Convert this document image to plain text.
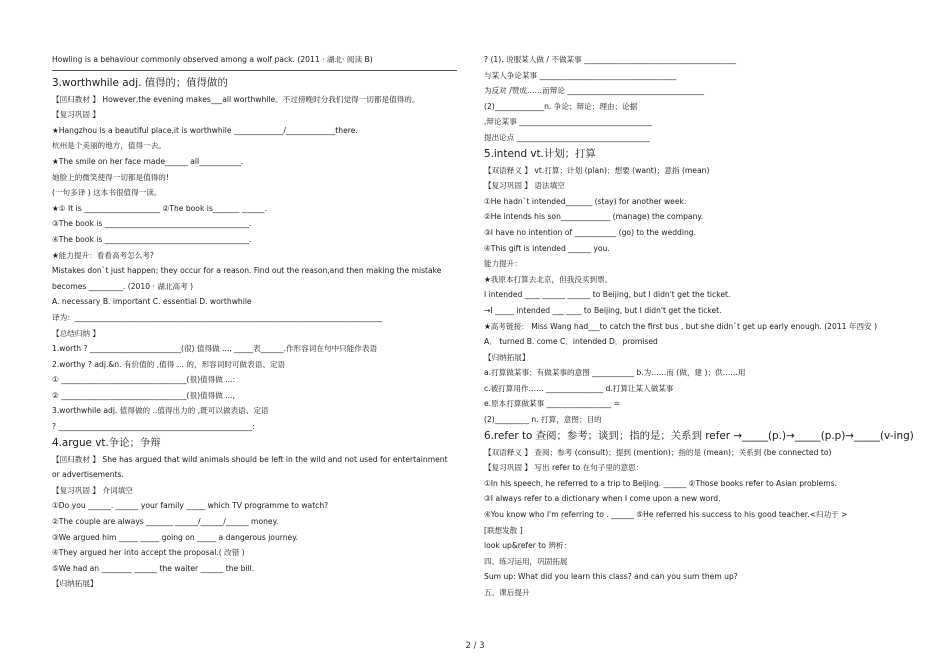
Howling is a behaviour commonly observed among a wolf pack. (2011 · 湖北· 阅读 B)
3.worthwhile adj. 值得的；值得做的
【回归教材 】 However,the evening makes___all worthwhile。不过傍晚时分我们觉得一切都是值得的。
【复习巩固 】
★Hangzhou is a beautiful place,it is worthwhile _____________/_____________there.
杭州是个美丽的地方，值得一去。
★The smile on her face made______ all___________.
她脸上的微笑使得一切都是值得的!
(一句多译 ) 这本书很值得一读。
★① It is ____________________ ②The book is_______ ______.
③The book is ______________________________________.
④The book is ______________________________________.
★能力提升：看看高考怎么考?
Mistakes don`t just happen; they occur for a reason. Find out the reason,and then making the mistake
becomes _________. (2010 · 湖北高考 )
A. necessary B. important C. essential D. worthwhile
译为：_________________________________________________________________________________
【总结归纳 】
1.worth ? ________________________(很) 值得做 ..., _____表______.作形容词在句中只能作表语
2.worthy ? adj.&n. 有价值的 ,值得 ... 的，形容词时可做表语、定语
① _________________________________(很)值得做 ...:
② _________________________________(很)值得做 ...,
3.worthwhile adj. 值得做的 ..值得出力的 ,既可以做表语、定语
? ___________________________________________________:
4.argue vt.争论；争辩
【回归教材 】 She has argued that wild animals should be left in the wild and not used for entertainment
or advertisements.
【复习巩固 】 介词填空
①Do you ______. ______ your family _____ which TV programme to watch?
②The couple are always _______ ______/______/______ money.
③We argued him _____ _____ going on _____ a dangerous journey.
④They argued her into accept the proposal.( 改错 )
⑤We had an ________ ______ the waiter ______ the bill.
【归纳拓展】
? (1). 说服某人做 / 不做某事 ________________________________________
与某人争论某事 ____________________________________
为反对 /赞成……而辩论 ____________________________________
(2)_____________n. 争论；辩论；理由；论据
,辩论某事 ___________________________________
提出论点 ___________________________________
5.intend vt.计划；打算
【双语释义 】 vt.打算；计划 (plan)；想要 (want)；意指 (mean)
【复习巩固 】 语法填空
①He hadn`t intended_______ (stay) for another week.
②He intends his son_____________ (manage) the company.
③I have no intention of ___________ (go) to the wedding.
④This gift is intended ______ you.
能力提升：
★我原本打算去北京，但我没买到票。
I intended ____ ______ ______ to Beijing, but I didn't get the ticket.
→I _____ intended ___ ____ to Beijing, but I didn't get the ticket.
★高考链接： Miss Wang had___to catch the first bus , but she didn`t get up early enough. (2011 年西安 )
A． turned B. come C．intended D．promised
【归纳拓展】
a.打算做某事；有做某事的意图 ___________ b.为……而 (做，建 )；供……用
c.被打算用作…… _______________ d.打算让某人做某事
e.原本打算做某事 _________________ =
(2)_________ n. 打算，意图；目的
6.refer to 查阅；参考；谈到；指的是；关系到 refer →_____(p.)→_____(p.p)→_____(v-ing)
【双语释义 】 查阅；参考 (consult)；提到 (mention)；指的是 (mean)；关系到 (be connected to)
【复习巩固 】 写出 refer to 在句子里的意思：
①In his speech, he referred to a trip to Beijing. ______ ②Those books refer to Asian problems.
③I always refer to a dictionary when I come upon a new word.
④You know who I'm referring to . ______ ⑤He referred his success to his good teacher.<归功于 >
[联想发散 ]
look up&refer to 辨析：
四、练习运用，巩固拓展
Sum up: What did you learn this class? and can you sum them up?
五、课后提升
2 / 3
